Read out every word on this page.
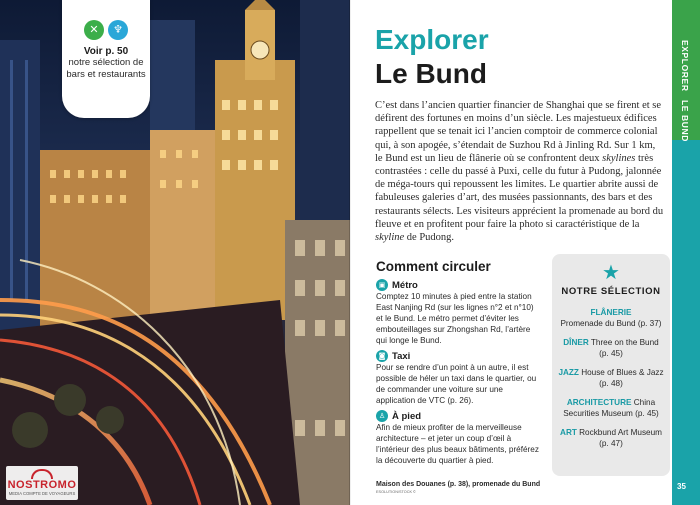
✕	♆
Voir p. 50
notre sélection de bars et restaurants
NOSTROMO
MEDIA COMPTE DE VOYAGEURS
Explorer
Le Bund

C’est dans l’ancien quartier financier de Shanghai que se firent et se défirent des fortunes en moins d’un siècle. Les majestueux édifices rappellent que se tenait ici l’ancien comptoir de commerce colonial qui, à son apogée, s’étendait de Suzhou Rd à Jinling Rd. Sur 1 km, le Bund est un lieu de flânerie où se confrontent deux skylines très contrastées : celle du passé à Puxi, celle du futur à Pudong, jalonnée de méga-tours qui repoussent les limites. Le quartier abrite aussi de fabuleuses galeries d’art, des musées passionnants, des bars et des restaurants sélects. Les visiteurs apprécient la promenade au bord du fleuve et en profitent pour faire la photo si caractéristique de la skyline de Pudong.

EXPLORER
LE BUND
35
Comment circuler
▣ Métro

Comptez 10 minutes à pied entre la station East Nanjing Rd (sur les lignes n°2 et n°10) et le Bund. Le métro permet d’éviter les embouteillages sur Zhongshan Rd, l’artère qui longe le Bund.

◙ Taxi

Pour se rendre d’un point à un autre, il est possible de héler un taxi dans le quartier, ou de commander une voiture sur une application de VTC (p. 26).

♙ À pied

Afin de mieux profiter de la merveilleuse architecture – et jeter un coup d’œil à l’intérieur des plus beaux bâtiments, préférez la découverte du quartier à pied.

Maison des Douanes (p. 38), promenade du Bund
ESOLUTION/STOCK ©
★
NOTRE SÉLECTION
FLÂNERIE
Promenade du Bund (p. 37)
DÎNER Three on the Bund (p. 45)
JAZZ House of Blues & Jazz (p. 48)
ARCHITECTURE China Securities Museum (p. 45)
ART Rockbund Art Museum (p. 47)
